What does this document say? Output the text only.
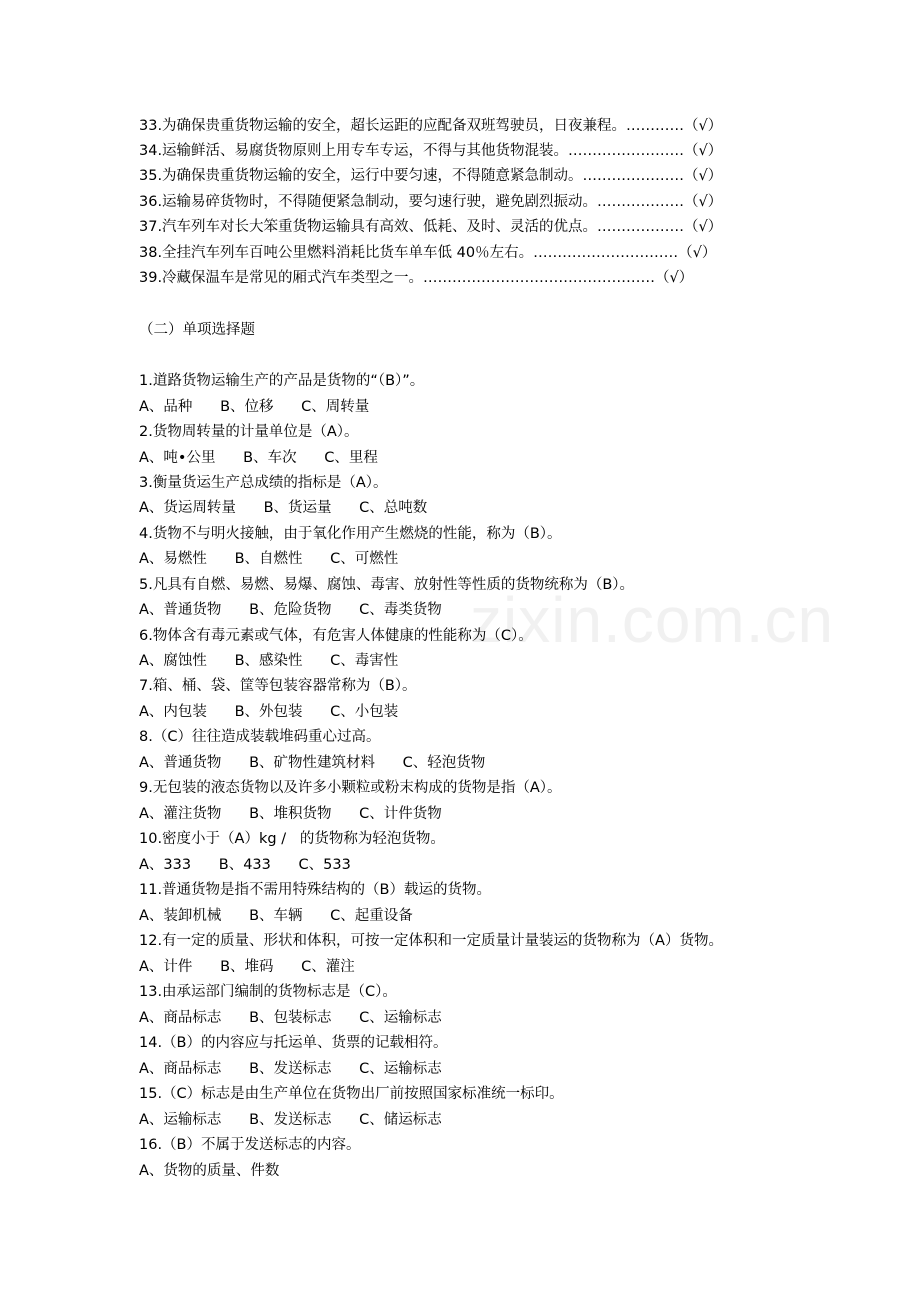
zixin.com.cn
33.为确保贵重货物运输的安全，超长运距的应配备双班驾驶员，日夜兼程。…………（√）
34.运输鲜活、易腐货物原则上用专车专运，不得与其他货物混装。……………………（√）
35.为确保贵重货物运输的安全，运行中要匀速，不得随意紧急制动。…………………（√）
36.运输易碎货物时，不得随便紧急制动，要匀速行驶，避免剧烈振动。………………（√）
37.汽车列车对长大笨重货物运输具有高效、低耗、及时、灵活的优点。………………（√）
38.全挂汽车列车百吨公里燃料消耗比货车单车低 40％左右。…………………………（√）
39.冷藏保温车是常见的厢式汽车类型之一。…………………………………………（√）
（二）单项选择题
1.道路货物运输生产的产品是货物的“（B）”。
A、品种      B、位移      C、周转量
2.货物周转量的计量单位是（A）。
A、吨•公里      B、车次      C、里程
3.衡量货运生产总成绩的指标是（A）。
A、货运周转量      B、货运量      C、总吨数
4.货物不与明火接触，由于氧化作用产生燃烧的性能，称为（B）。
A、易燃性      B、自燃性      C、可燃性
5.凡具有自燃、易燃、易爆、腐蚀、毒害、放射性等性质的货物统称为（B）。
A、普通货物      B、危险货物      C、毒类货物
6.物体含有毒元素或气体，有危害人体健康的性能称为（C）。
A、腐蚀性      B、感染性      C、毒害性
7.箱、桶、袋、筐等包装容器常称为（B）。
A、内包装      B、外包装      C、小包装
8.（C）往往造成装载堆码重心过高。
A、普通货物      B、矿物性建筑材料      C、轻泡货物
9.无包装的液态货物以及许多小颗粒或粉末构成的货物是指（A）。
A、灌注货物      B、堆积货物      C、计件货物
10.密度小于（A）kg /   的货物称为轻泡货物。
A、333      B、433      C、533
11.普通货物是指不需用特殊结构的（B）载运的货物。
A、装卸机械      B、车辆      C、起重设备
12.有一定的质量、形状和体积，可按一定体积和一定质量计量装运的货物称为（A）货物。
A、计件      B、堆码      C、灌注
13.由承运部门编制的货物标志是（C）。
A、商品标志      B、包装标志      C、运输标志
14.（B）的内容应与托运单、货票的记载相符。
A、商品标志      B、发送标志      C、运输标志
15.（C）标志是由生产单位在货物出厂前按照国家标准统一标印。
A、运输标志      B、发送标志      C、储运标志
16.（B）不属于发送标志的内容。
A、货物的质量、件数
